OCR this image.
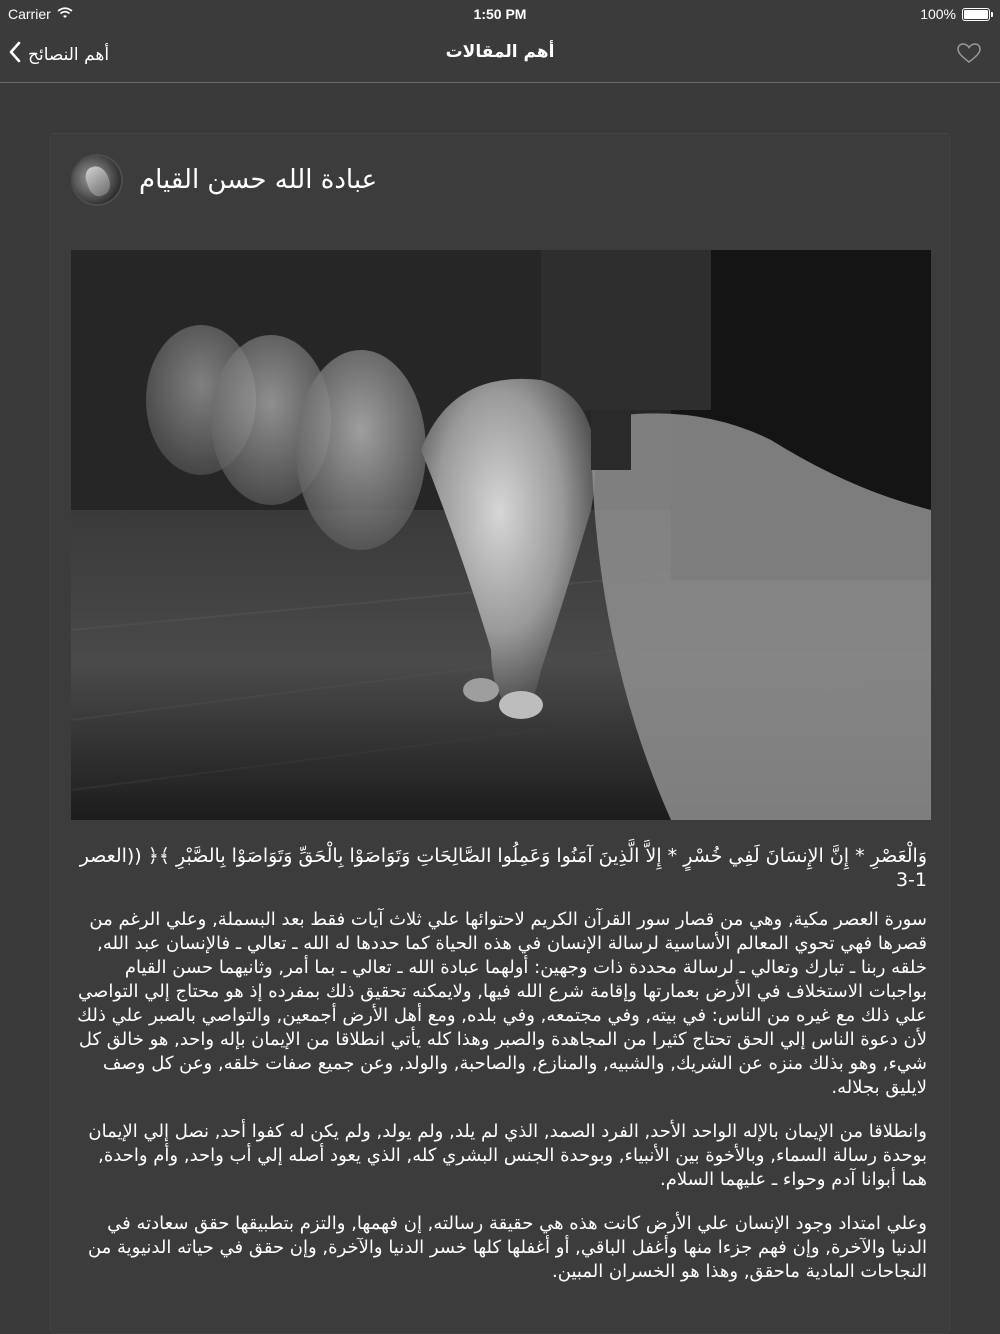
Carrier	1:50 PM	100%
أهم النصائح	أهم المقالات
عبادة الله حسن القيام

وَالْعَصْرِ * إِنَّ الإِنسَانَ لَفِي خُسْرٍ * إِلاَّ الَّذِينَ آمَنُوا وَعَمِلُوا الصَّالِحَاتِ وَتَوَاصَوْا بِالْحَقِّ وَتَوَاصَوْا بِالصَّبْرِ ﴾﴿ ((العصر 1-3

سورة العصر مكية, وهي من قصار سور القرآن الكريم لاحتوائها علي ثلاث آيات فقط بعد البسملة, وعلي الرغم من قصرها فهي تحوي المعالم الأساسية لرسالة الإنسان في هذه الحياة كما حددها له الله ـ تعالي ـ فالإنسان عبد الله, خلقه ربنا ـ تبارك وتعالي ـ لرسالة محددة ذات وجهين: أولهما عبادة الله ـ تعالي ـ بما أمر, وثانيهما حسن القيام بواجبات الاستخلاف في الأرض بعمارتها وإقامة شرع الله فيها, ولايمكنه تحقيق ذلك بمفرده إذ هو محتاج إلي التواصي علي ذلك مع غيره من الناس: في بيته, وفي مجتمعه, وفي بلده, ومع أهل الأرض أجمعين, والتواصي بالصبر علي ذلك لأن دعوة الناس إلي الحق تحتاج كثيرا من المجاهدة والصبر وهذا كله يأتي انطلاقا من الإيمان بإله واحد, هو خالق كل شيء, وهو بذلك منزه عن الشريك, والشبيه, والمنازع, والصاحبة, والولد, وعن جميع صفات خلقه, وعن كل وصف لايليق بجلاله.

وانطلاقا من الإيمان بالإله الواحد الأحد, الفرد الصمد, الذي لم يلد, ولم يولد, ولم يكن له كفوا أحد, نصل إلي الإيمان بوحدة رسالة السماء, وبالأخوة بين الأنبياء, وبوحدة الجنس البشري كله, الذي يعود أصله إلي أب واحد, وأم واحدة, هما أبوانا آدم وحواء ـ عليهما السلام.

وعلي امتداد وجود الإنسان علي الأرض كانت هذه هي حقيقة رسالته, إن فهمها, والتزم بتطبيقها حقق سعادته في الدنيا والآخرة, وإن فهم جزءا منها وأغفل الباقي, أو أغفلها كلها خسر الدنيا والآخرة, وإن حقق في حياته الدنيوية من النجاحات المادية ماحقق, وهذا هو الخسران المبين.
